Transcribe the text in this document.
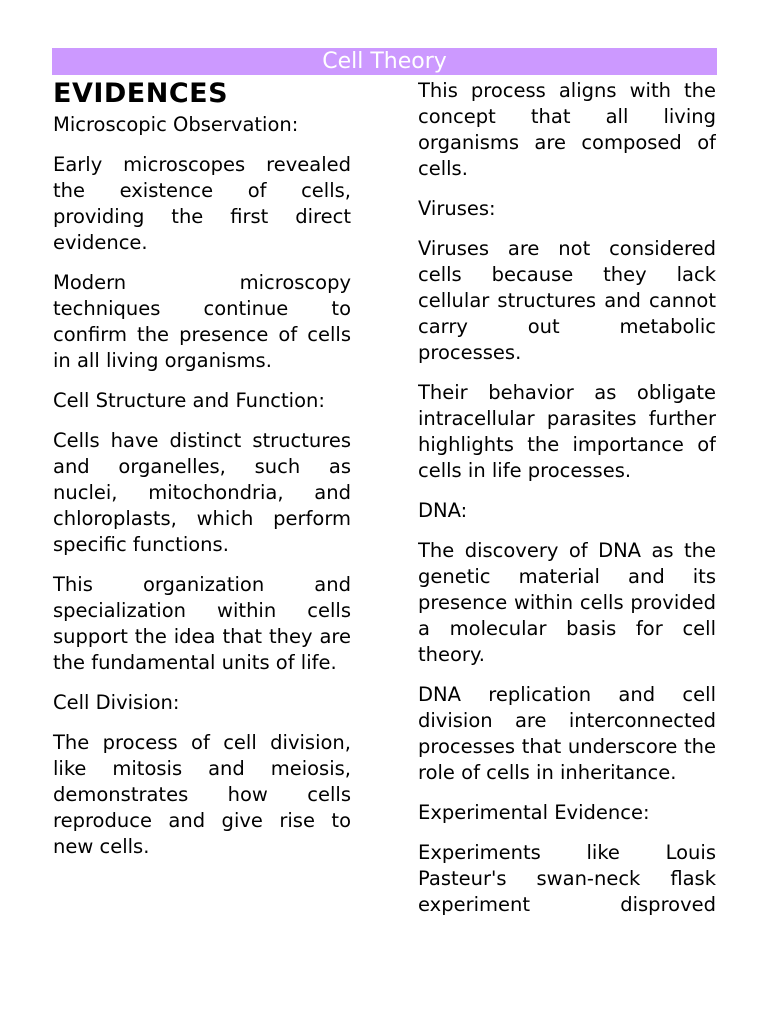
Cell Theory
EVIDENCES

Microscopic Observation:

Early microscopes revealed the existence of cells, providing the first direct evidence.

Modern microscopy techniques continue to confirm the presence of cells in all living organisms.

Cell Structure and Function:

Cells have distinct structures and organelles, such as nuclei, mitochondria, and chloroplasts, which perform specific functions.

This organization and specialization within cells support the idea that they are the fundamental units of life.

Cell Division:

The process of cell division, like mitosis and meiosis, demonstrates how cells reproduce and give rise to new cells.

This process aligns with the concept that all living organisms are composed of cells.

Viruses:

Viruses are not considered cells because they lack cellular structures and cannot carry out metabolic processes.

Their behavior as obligate intracellular parasites further highlights the importance of cells in life processes.

DNA:

The discovery of DNA as the genetic material and its presence within cells provided a molecular basis for cell theory.

DNA replication and cell division are interconnected processes that underscore the role of cells in inheritance.

Experimental Evidence:

Experiments like Louis Pasteur's swan-neck flask experiment disproved
